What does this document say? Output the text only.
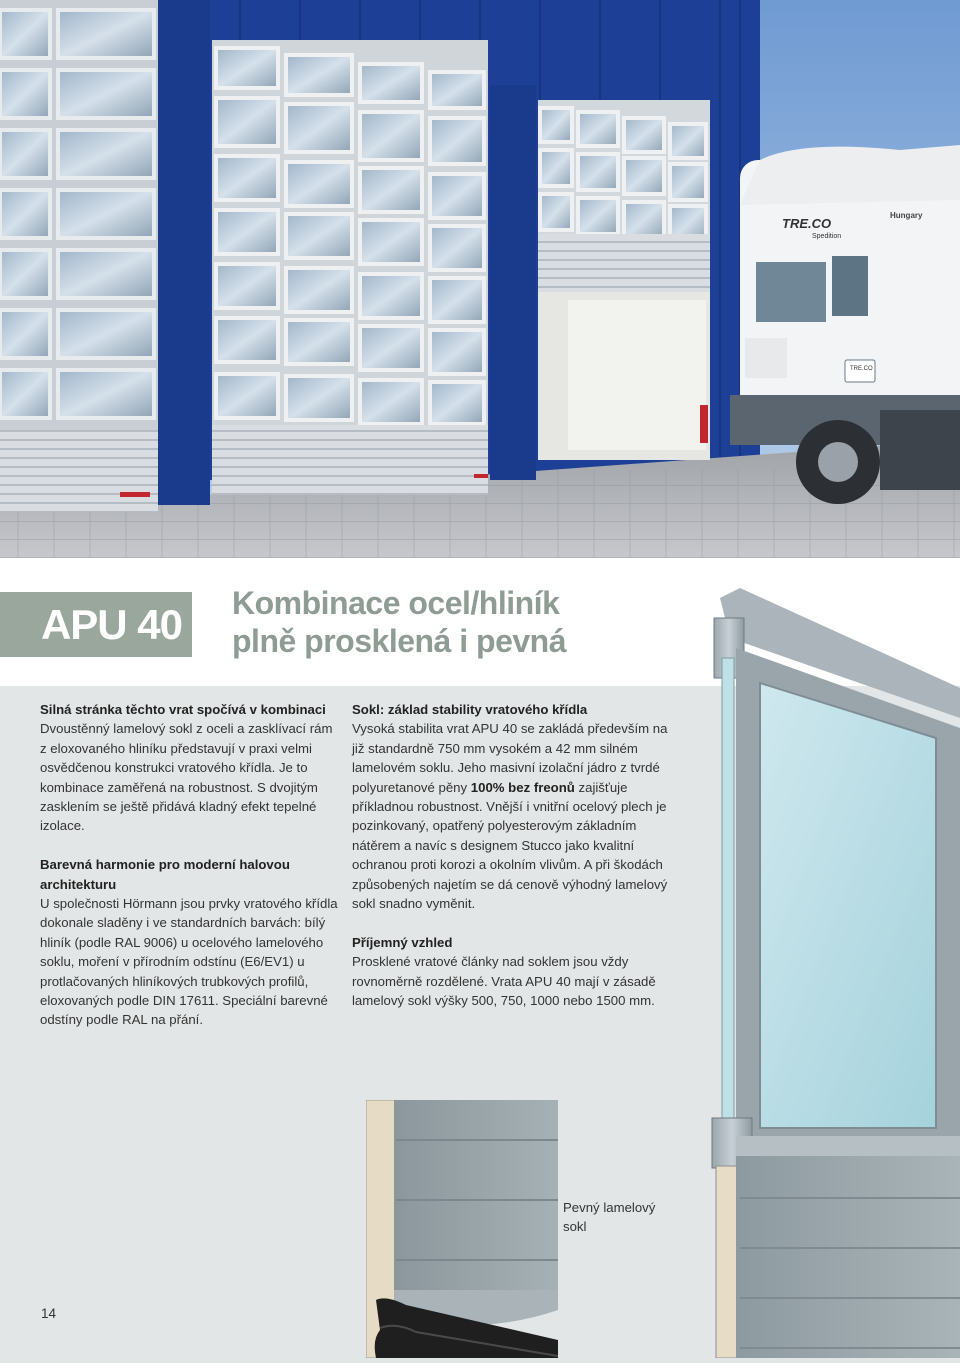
TRE.CO
Spedition
Hungary
TRE.CO
APU 40	Kombinace ocel/hliník
plně prosklená i pevná
Silná stránka těchto vrat spočívá v kombinaci

Dvoustěnný lamelový sokl z oceli a zasklívací rám z eloxovaného hliníku představují v praxi velmi osvědčenou konstrukci vratového křídla. Je to kombinace zaměřená na robustnost. S dvojitým zasklením se ještě přidává kladný efekt tepelné izolace.

Barevná harmonie pro moderní halovou architekturu

U společnosti Hörmann jsou prvky vratového křídla dokonale sladěny i ve standardních barvách: bílý hliník (podle RAL 9006) u ocelového lamelového soklu, moření v přírodním odstínu (E6/EV1) u protlačovaných hliníkových trubkových profilů, eloxovaných podle DIN 17611. Speciální barevné odstíny podle RAL na přání.

Sokl: základ stability vratového křídla

Vysoká stabilita vrat APU 40 se zakládá především na již standardně 750 mm vysokém a 42 mm silném lamelovém soklu. Jeho masivní izolační jádro z tvrdé polyuretanové pěny 100% bez freonů zajišťuje příkladnou robustnost. Vnější i vnitřní ocelový plech je pozinkovaný, opatřený polyesterovým základním nátěrem a navíc s designem Stucco jako kvalitní ochranou proti korozi a okolním vlivům. A při škodách způsobených najetím se dá cenově výhodný lamelový sokl snadno vyměnit.

Příjemný vzhled

Prosklené vratové články nad soklem jsou vždy rovnoměrně rozdělené. Vrata APU 40 mají v zásadě lamelový sokl výšky 500, 750, 1000 nebo 1500 mm.

Pevný lamelový sokl
14
